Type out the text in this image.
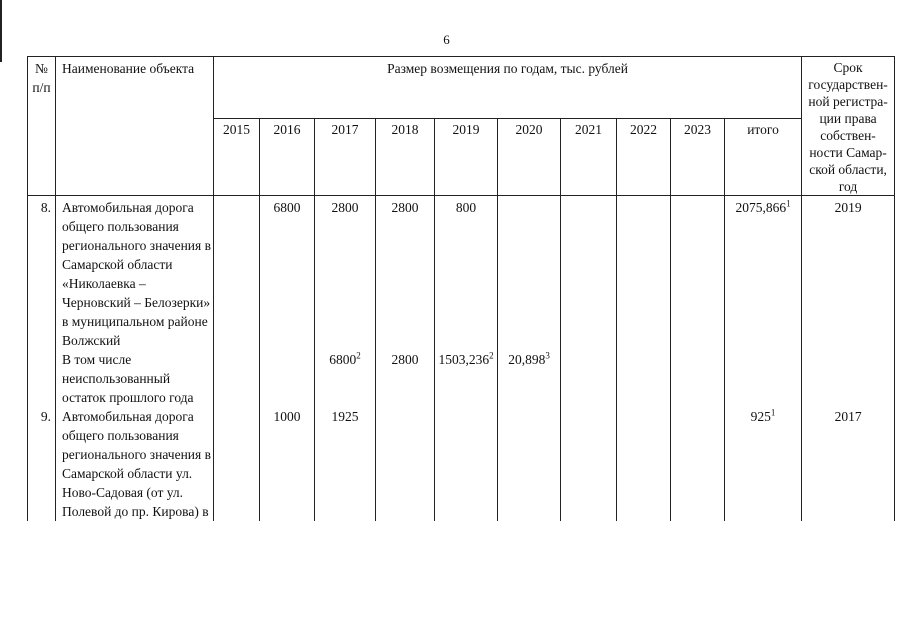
6
№ п/п	Наименование объекта	Размер возмещения по годам, тыс. рублей										Срок государствен-ной регистра-ции права собствен-ности Самар-ской области, год
		2015	2016	2017	2018	2019	2020	2021	2022	2023	итого	
8.	Автомобильная дорога общего пользования регионального значения в Самарской области «Николаевка – Черновский – Белозерки» в муниципальном районе Волжский		6800	2800	2800	800					2075,866$^1$	2019
	В том числе неиспользованный остаток прошлого года			6800$^2$	2800	1503,236$^2$	20,898$^3$					
9.	Автомобильная дорога общего пользования регионального значения в Самарской области ул. Ново-Садовая (от ул. Полевой до пр. Кирова) в		1000	1925							$925^1$	2017
